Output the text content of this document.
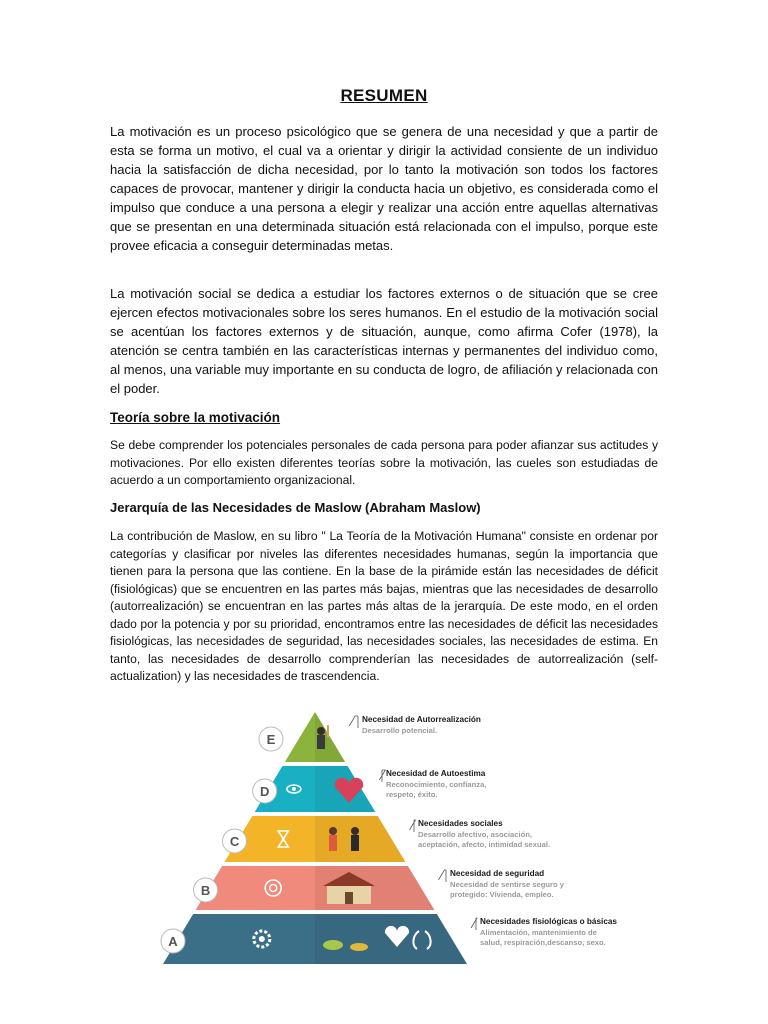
RESUMEN

La motivación es un proceso psicológico que se genera de una necesidad y que a partir de esta se forma un motivo, el cual va a orientar y dirigir la actividad consiente de un individuo hacia la satisfacción de dicha necesidad, por lo tanto la motivación son todos los factores capaces de provocar, mantener y dirigir la conducta hacia un objetivo, es considerada como el impulso que conduce a una persona a elegir y realizar una acción entre aquellas alternativas que se presentan en una determinada situación está relacionada con el impulso, porque este provee eficacia a conseguir determinadas metas.

La motivación social se dedica a estudiar los factores externos o de situación que se cree ejercen efectos motivacionales sobre los seres humanos. En el estudio de la motivación social se acentúan los factores externos y de situación, aunque, como afirma Cofer (1978), la atención se centra también en las características internas y permanentes del individuo como, al menos, una variable muy importante en su conducta de logro, de afiliación y relacionada con el poder.

Teoría sobre la motivación

Se debe comprender los potenciales personales de cada persona para poder afianzar sus actitudes y motivaciones. Por ello existen diferentes teorías sobre la motivación, las cueles son estudiadas de acuerdo a un comportamiento organizacional.

Jerarquía de las Necesidades de Maslow (Abraham Maslow)

La contribución de Maslow, en su libro " La Teoría de la Motivación Humana" consiste en ordenar por categorías y clasificar por niveles las diferentes necesidades humanas, según la importancia que tienen para la persona que las contiene. En la base de la pirámide están las necesidades de déficit (fisiológicas) que se encuentren en las partes más bajas, mientras que las necesidades de desarrollo (autorrealización) se encuentran en las partes más altas de la jerarquía. De este modo, en el orden dado por la potencia y por su prioridad, encontramos entre las necesidades de déficit las necesidades fisiológicas, las necesidades de seguridad, las necesidades sociales, las necesidades de estima. En tanto, las necesidades de desarrollo comprenderían las necesidades de autorrealización (self-actualization) y las necesidades de trascendencia.

E
Necesidad de Autorrealización
Desarrollo potencial.
D
Necesidad de Autoestima
Reconocimiento, confianza,
respeto, éxito.
C
Necesidades sociales
Desarrollo afectivo, asociación,
aceptación, afecto, intimidad sexual.
B
Necesidad de seguridad
Necesidad de sentirse seguro y
protegido: Vivienda, empleo.
A
Necesidades fisiológicas o básicas
Alimentación, mantenimiento de
salud, respiración,descanso, sexo.
